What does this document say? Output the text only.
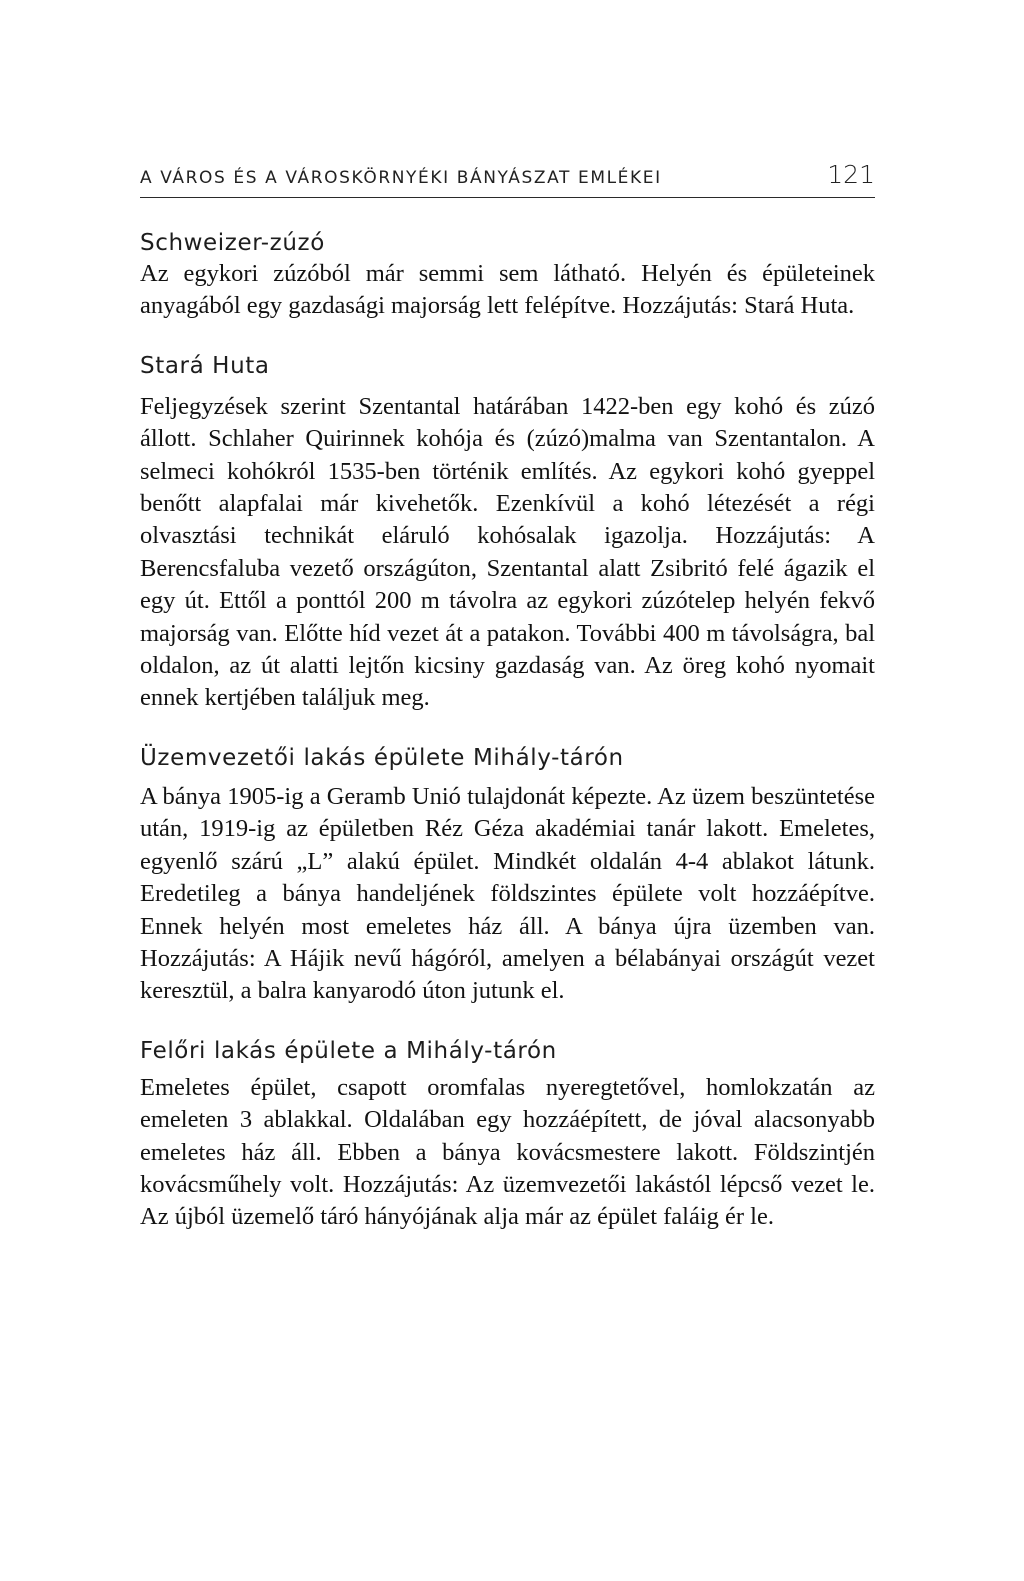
A VÁROS ÉS A VÁROSKÖRNYÉKI BÁNYÁSZAT EMLÉKEI	121
Schweizer-zúzó

Az egykori zúzóból már semmi sem látható. Helyén és épületeinek anyagából egy gazdasági majorság lett felépítve. Hozzájutás: Stará Huta.

Stará Huta

Feljegyzések szerint Szentantal határában 1422-ben egy kohó és zúzó állott. Schlaher Quirinnek kohója és (zúzó)malma van Szentantalon. A selmeci kohókról 1535-ben történik említés. Az egykori kohó gyeppel benőtt alapfalai már kivehetők. Ezenkívül a kohó létezését a régi olvasztási technikát eláruló kohósalak igazolja. Hozzájutás: A Berencsfaluba vezető országúton, Szentantal alatt Zsibritó felé ágazik el egy út. Ettől a ponttól 200 m távolra az egykori zúzótelep helyén fekvő majorság van. Előtte híd vezet át a patakon. További 400 m távolságra, bal oldalon, az út alatti lejtőn kicsiny gazdaság van. Az öreg kohó nyomait ennek kertjében találjuk meg.

Üzemvezetői lakás épülete Mihály-tárón

A bánya 1905-ig a Geramb Unió tulajdonát képezte. Az üzem beszüntetése után, 1919-ig az épületben Réz Géza akadémiai tanár lakott. Emeletes, egyenlő szárú „L” alakú épület. Mindkét oldalán 4-4 ablakot látunk. Eredetileg a bánya handeljének földszintes épülete volt hozzáépítve. Ennek helyén most emeletes ház áll. A bánya újra üzemben van. Hozzájutás: A Hájik nevű hágóról, amelyen a bélabányai országút vezet keresztül, a balra kanyarodó úton jutunk el.

Felőri lakás épülete a Mihály-tárón

Emeletes épület, csapott oromfalas nyeregtetővel, homlokzatán az emeleten 3 ablakkal. Oldalában egy hozzáépített, de jóval alacsonyabb emeletes ház áll. Ebben a bánya kovácsmestere lakott. Földszintjén kovácsműhely volt. Hozzájutás: Az üzemvezetői lakástól lépcső vezet le. Az újból üzemelő táró hányójának alja már az épület faláig ér le.
